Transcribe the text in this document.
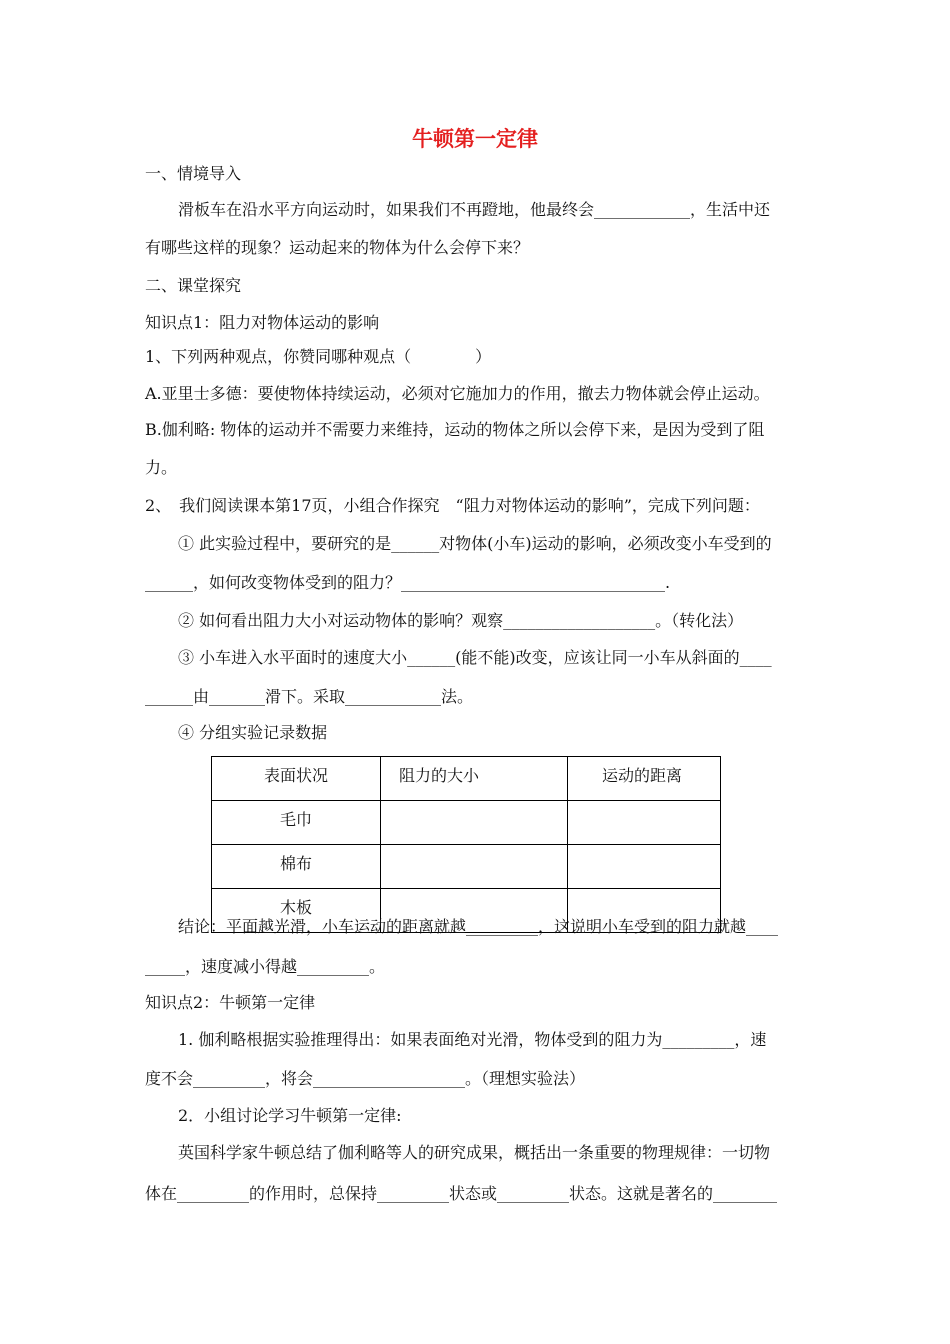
牛顿第一定律
一、情境导入
滑板车在沿水平方向运动时，如果我们不再蹬地，他最终会____________，生活中还
有哪些这样的现象？运动起来的物体为什么会停下来？
二、课堂探究
知识点1：阻力对物体运动的影响
1、下列两种观点，你赞同哪种观点（　　　　）
A.亚里士多德：要使物体持续运动，必须对它施加力的作用，撤去力物体就会停止运动。
B.伽利略: 物体的运动并不需要力来维持，运动的物体之所以会停下来，是因为受到了阻
力。
2、　我们阅读课本第17页，小组合作探究　“阻力对物体运动的影响”，完成下列问题：
① 此实验过程中，要研究的是______对物体(小车)运动的影响，必须改变小车受到的
______，如何改变物体受到的阻力？_________________________________.
② 如何看出阻力大小对运动物体的影响？观察___________________。（转化法）
③ 小车进入水平面时的速度大小______(能不能)改变，应该让同一小车从斜面的____
______由_______滑下。采取____________法。
④ 分组实验记录数据
表面状况	阻力的大小	运动的距离
毛巾		
棉布		
木板		
结论：平面越光滑，小车运动的距离就越_________，这说明小车受到的阻力就越____
_____，速度减小得越_________。
知识点2：牛顿第一定律
1. 伽利略根据实验推理得出：如果表面绝对光滑，物体受到的阻力为_________，速
度不会_________，将会___________________。（理想实验法）
2．小组讨论学习牛顿第一定律:
英国科学家牛顿总结了伽利略等人的研究成果，概括出一条重要的物理规律：一切物
体在_________的作用时，总保持_________状态或_________状态。这就是著名的________
